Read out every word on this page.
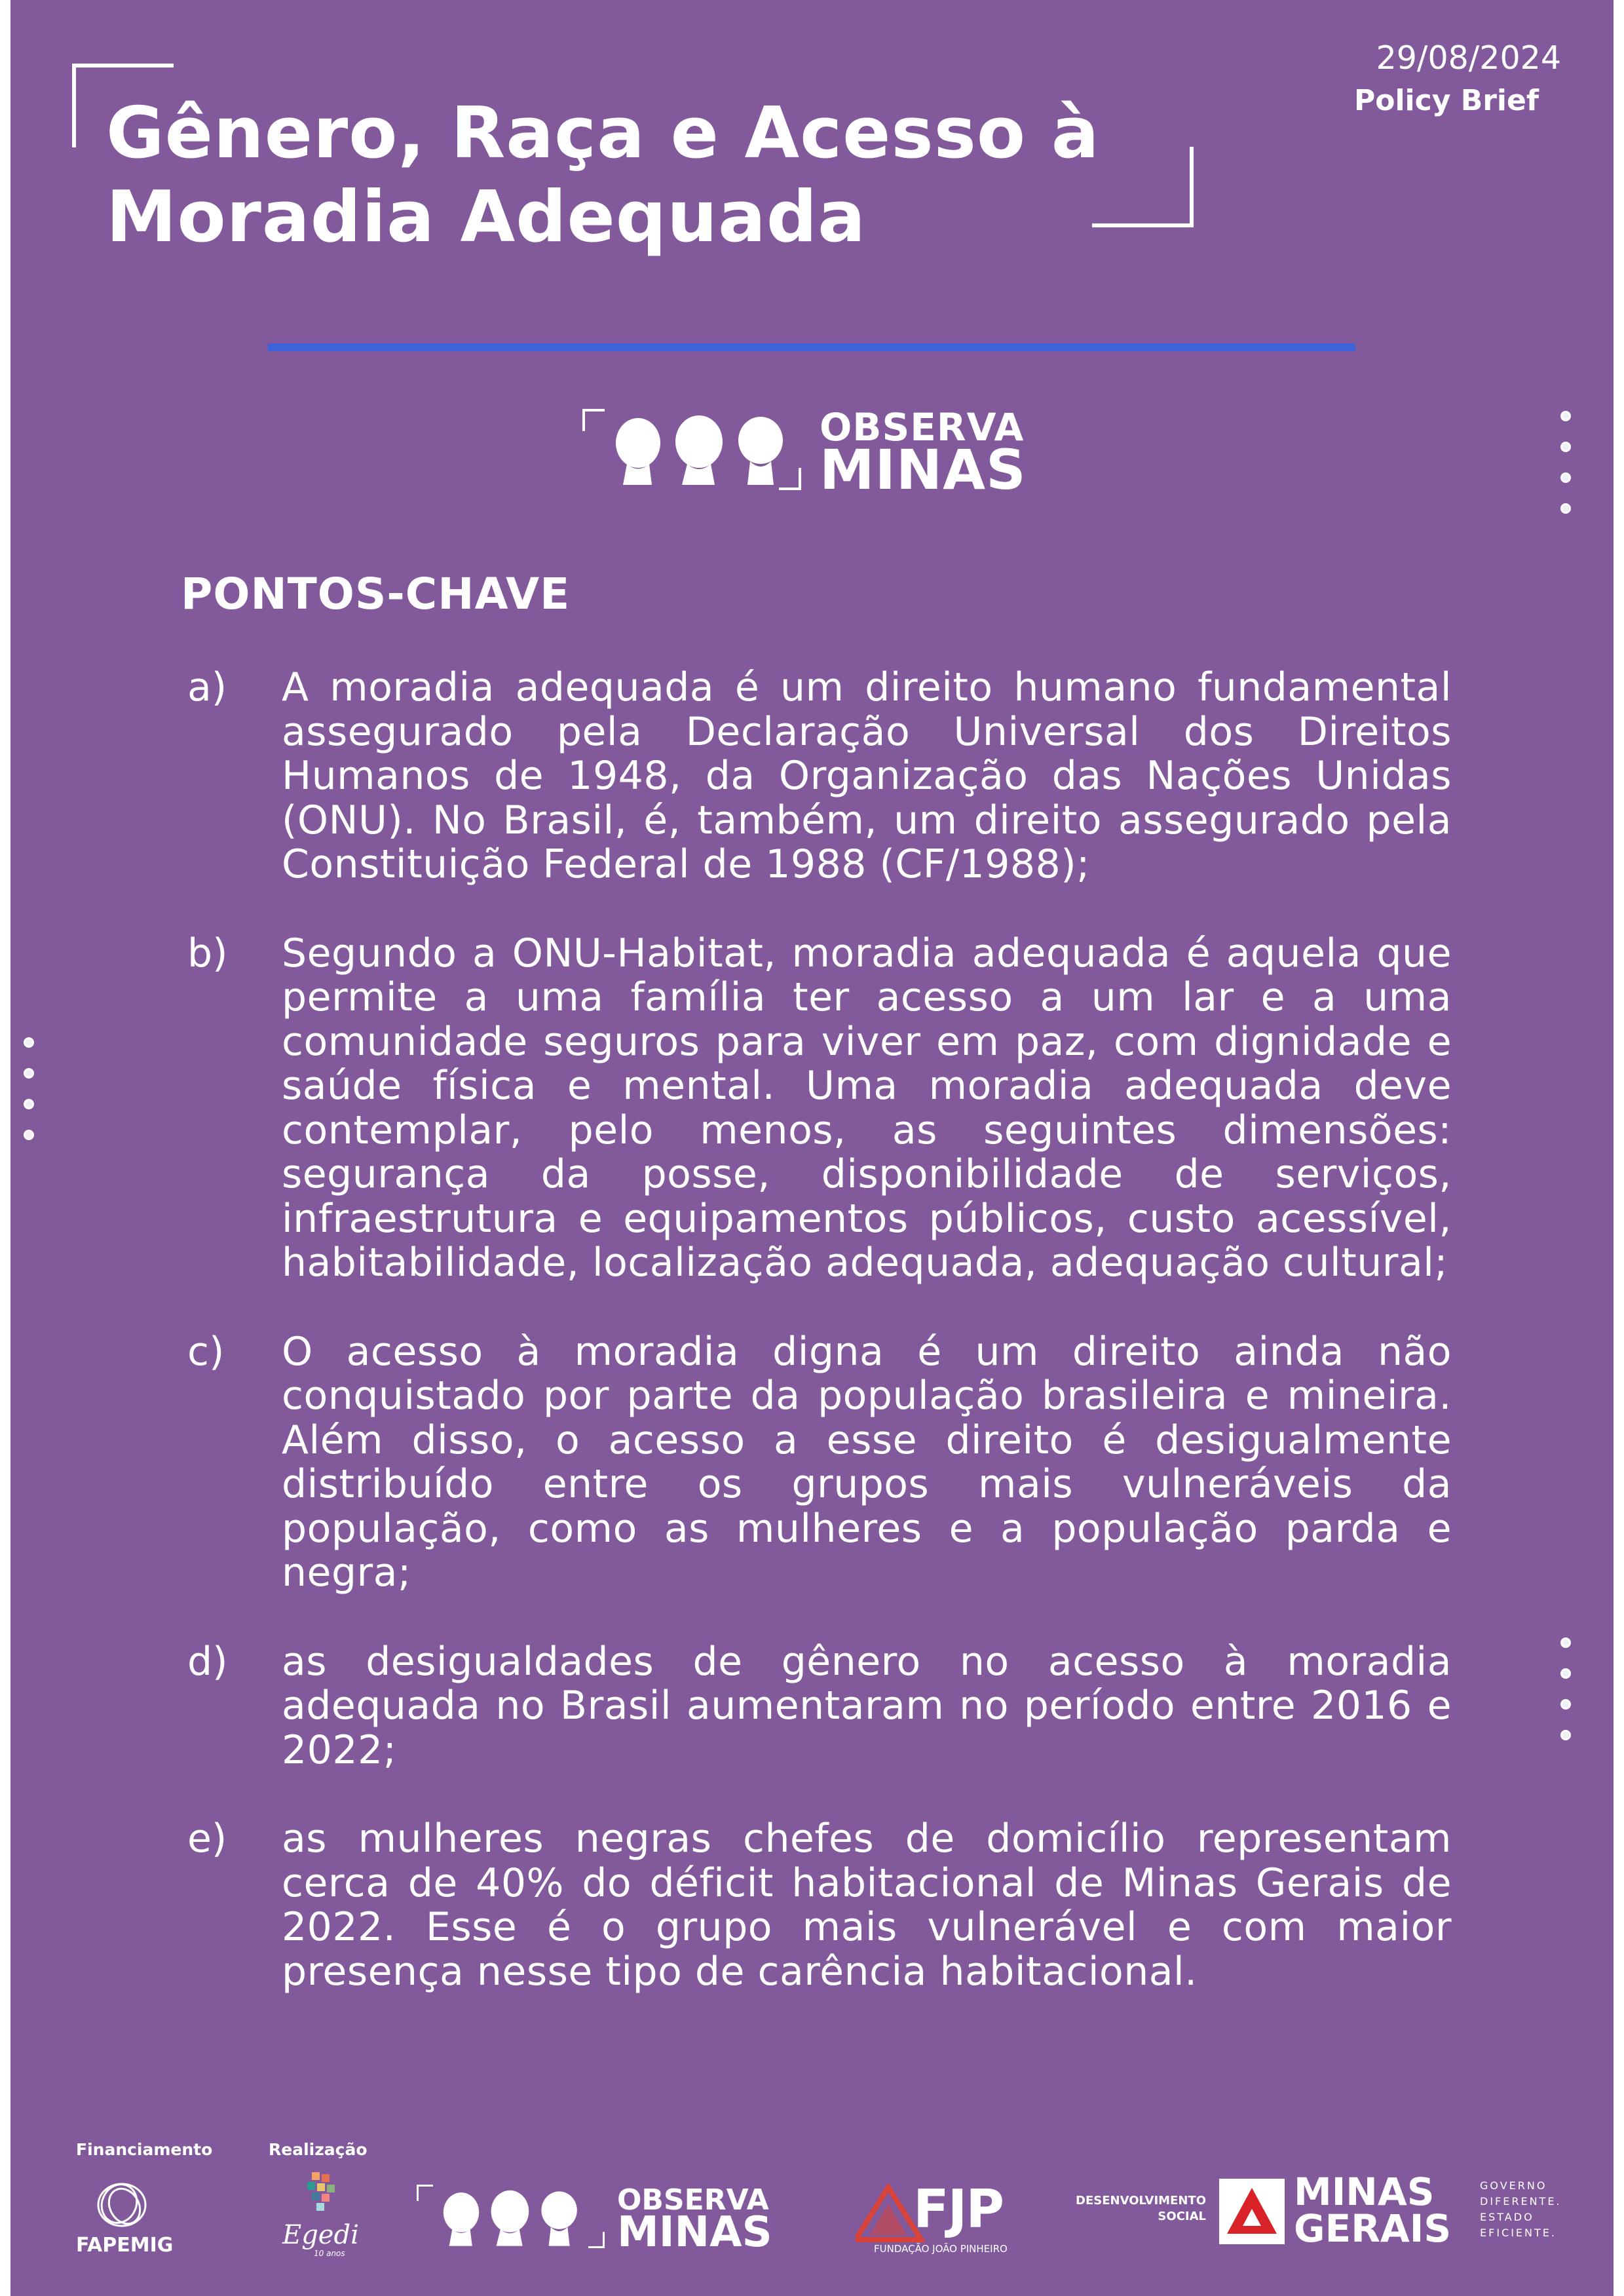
29/08/2024
Policy Brief
Gênero, Raça e Acesso à
Moradia Adequada
OBSERVA
MINAS
PONTOS-CHAVE
a) A moradia adequada é um direito humano fundamental assegurado pela Declaração Universal dos Direitos Humanos de 1948, da Organização das Nações Unidas (ONU). No Brasil, é, também, um direito assegurado pela Constituição Federal de 1988 (CF/1988);
b) Segundo a ONU-Habitat, moradia adequada é aquela que permite a uma família ter acesso a um lar e a uma comunidade seguros para viver em paz, com dignidade e saúde física e mental. Uma moradia adequada deve contemplar, pelo menos, as seguintes dimensões: segurança da posse, disponibilidade de serviços, infraestrutura e equipamentos públicos, custo acessível, habitabilidade, localização adequada, adequação cultural;
c) O acesso à moradia digna é um direito ainda não conquistado por parte da população brasileira e mineira. Além disso, o acesso a esse direito é desigualmente distribuído entre os grupos mais vulneráveis da população, como as mulheres e a população parda e negra;
d) as desigualdades de gênero no acesso à moradia adequada no Brasil aumentaram no período entre 2016 e 2022;
e) as mulheres negras chefes de domicílio representam cerca de 40% do déficit habitacional de Minas Gerais de 2022. Esse é o grupo mais vulnerável e com maior presença nesse tipo de carência habitacional.
Financiamento	Realização
FAPEMIG	Egedi
10 anos
OBSERVA
MINAS	FJP
FUNDAÇÃO JOÃO PINHEIRO
DESENVOLVIMENTO
SOCIAL
MINAS
GERAIS
GOVERNO
DIFERENTE.
ESTADO
EFICIENTE.
